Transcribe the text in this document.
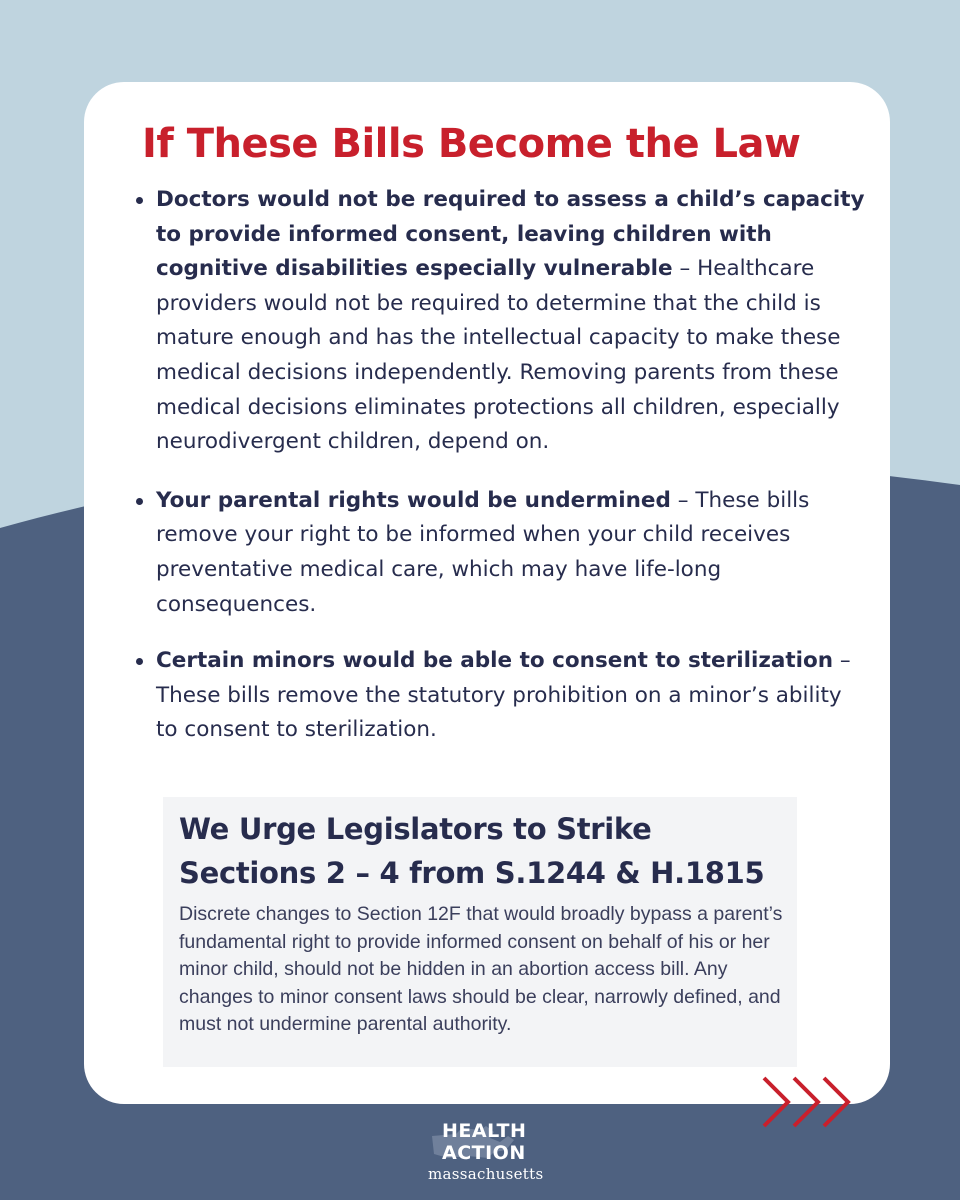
If These Bills Become the Law
Doctors would not be required to assess a child’s capacity to provide informed consent, leaving children with cognitive disabilities especially vulnerable – Healthcare providers would not be required to determine that the child is mature enough and has the intellectual capacity to make these medical decisions independently. Removing parents from these medical decisions eliminates protections all children, especially neurodivergent children, depend on.
Your parental rights would be undermined – These bills remove your right to be informed when your child receives preventative medical care, which may have life-long consequences.
Certain minors would be able to consent to sterilization – These bills remove the statutory prohibition on a minor’s ability to consent to sterilization.
We Urge Legislators to Strike Sections 2 – 4 from S.1244 & H.1815

Discrete changes to Section 12F that would broadly bypass a parent’s fundamental right to provide informed consent on behalf of his or her minor child, should not be hidden in an abortion access bill. Any changes to minor consent laws should be clear, narrowly defined, and must not undermine parental authority.

HEALTH
ACTION
massachusetts
